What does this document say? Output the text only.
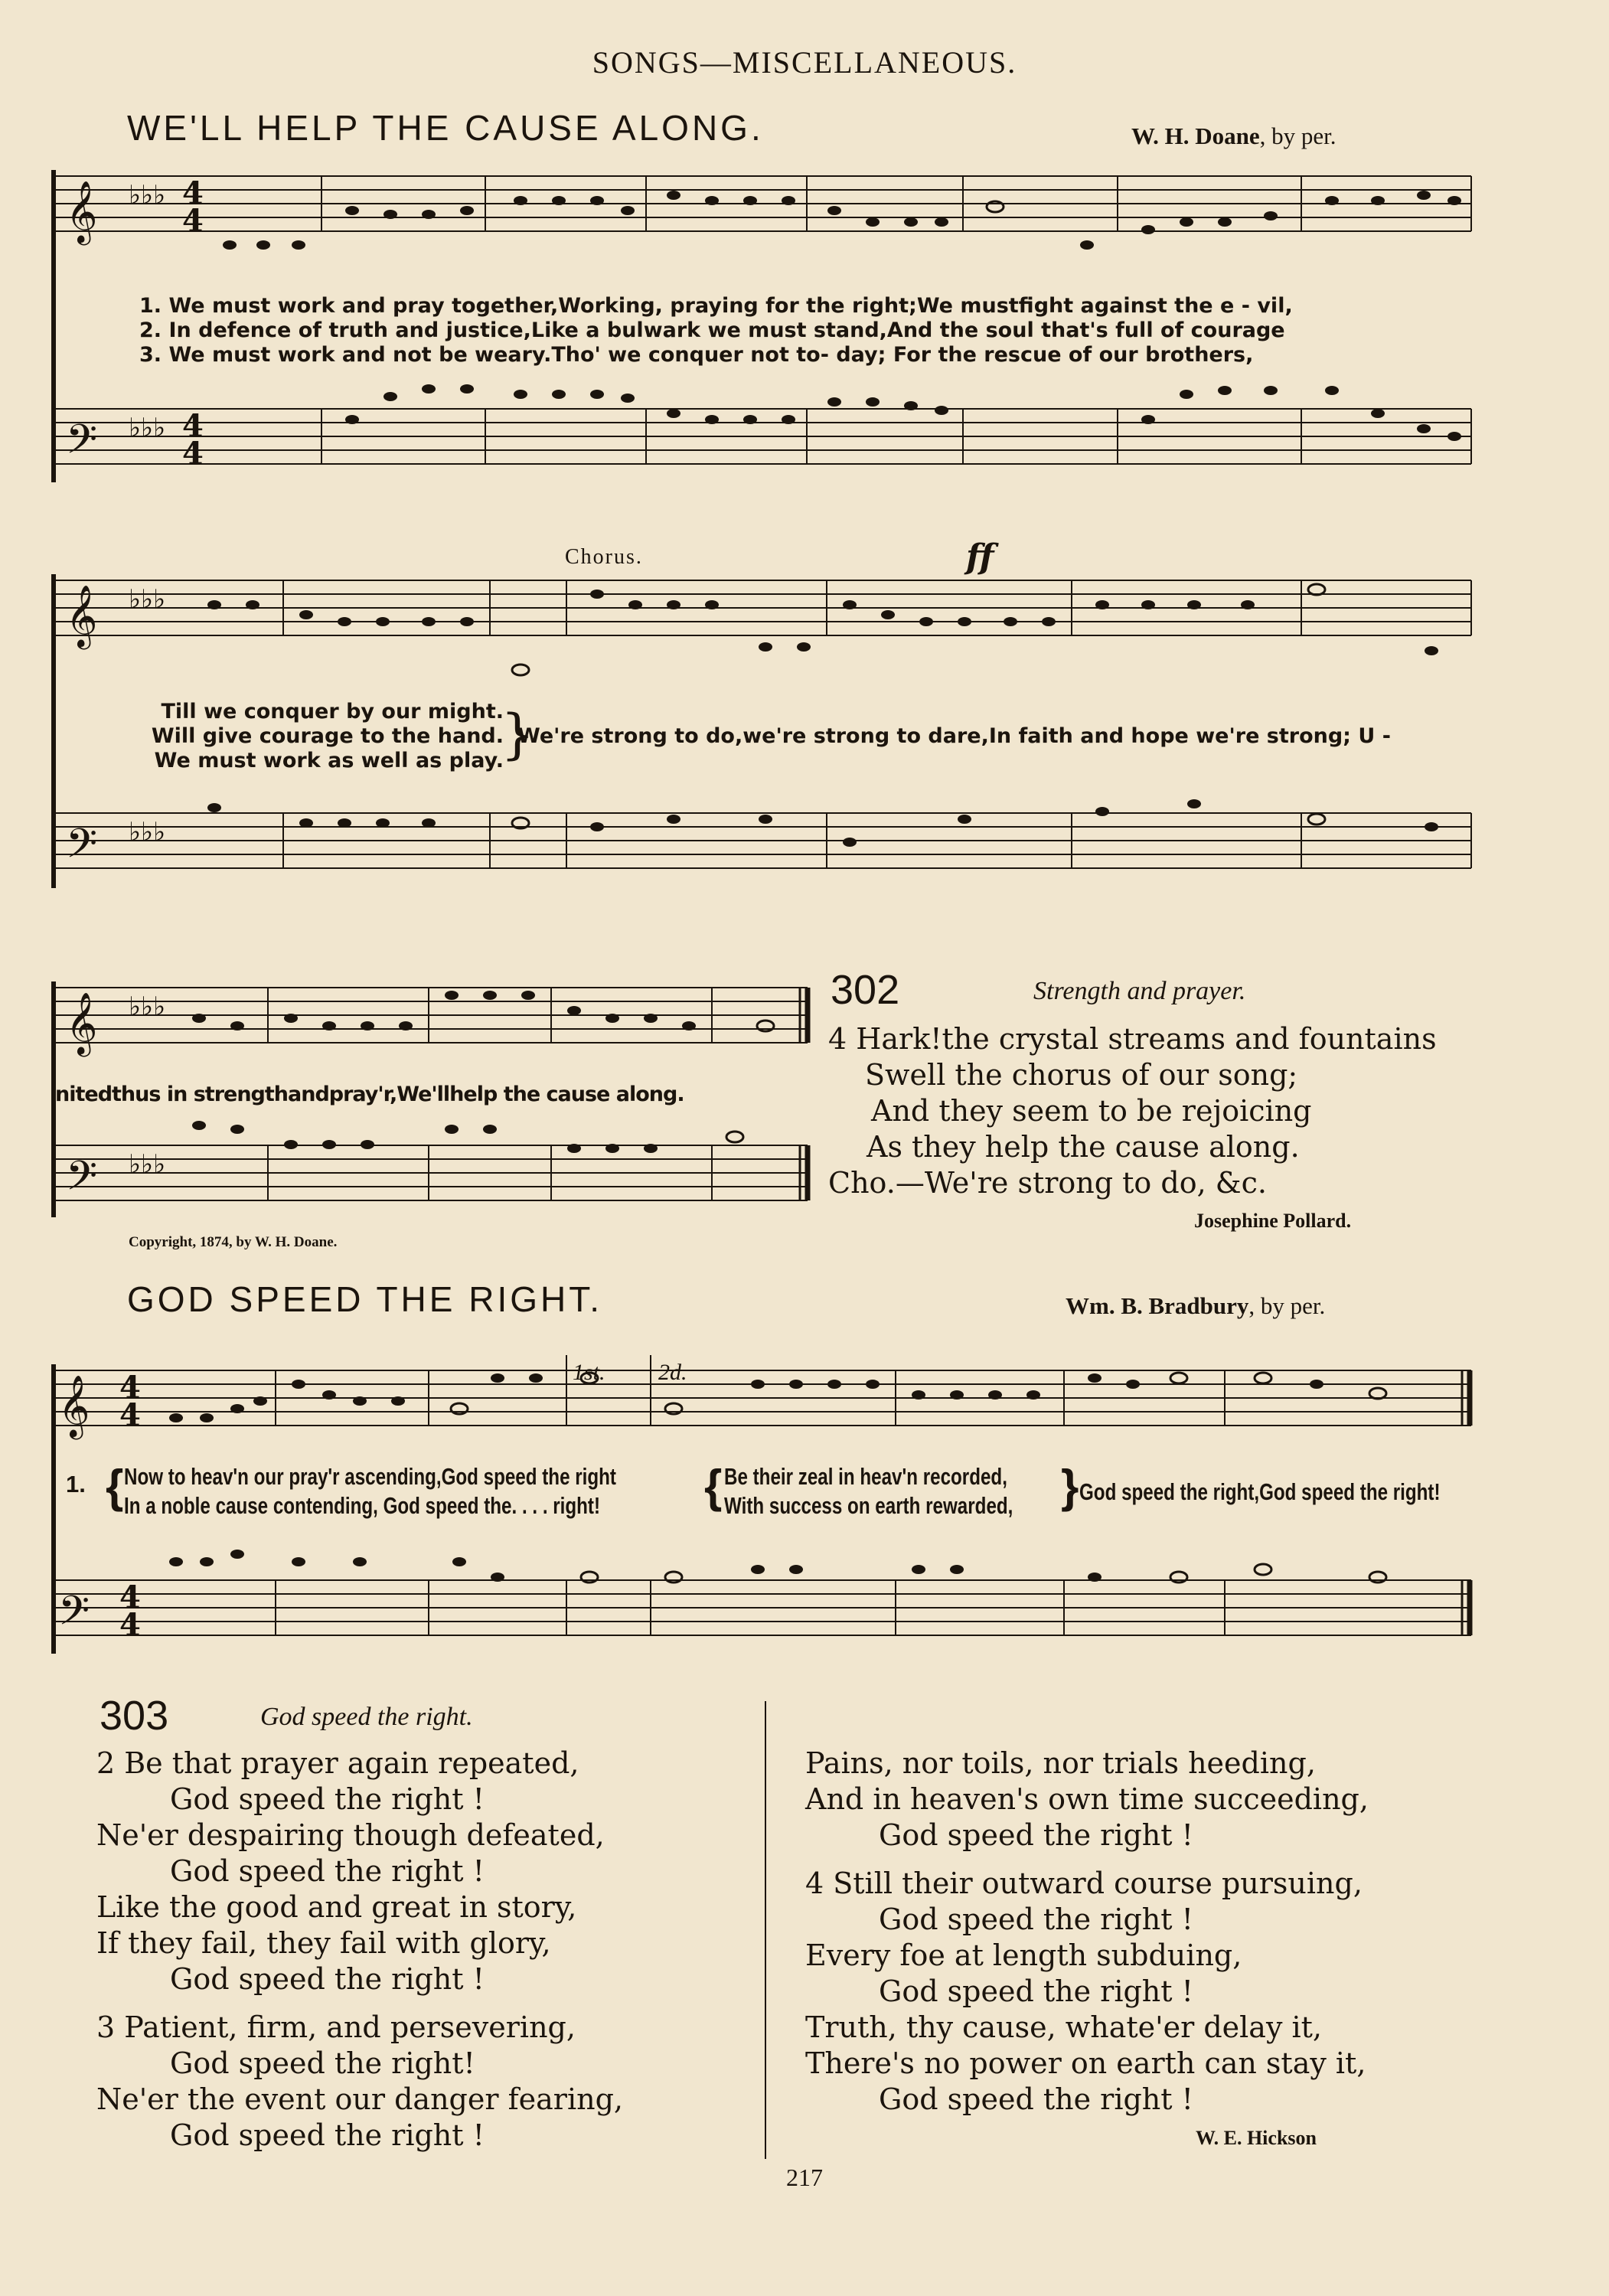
SONGS—MISCELLANEOUS.
WE'LL HELP THE CAUSE ALONG.	W. H. Doane, by per.
𝄞
𝄢
♭♭♭
♭♭♭
4
4
4
4
𝄞
𝄢
♭♭♭
♭♭♭
𝄞
𝄢
♭♭♭
♭♭♭
𝄞
𝄢
4
4
4
4
1. We must work and pray together,Working, praying for the right;We mustfight against the e - vil,
2. In defence of truth and justice,Like a bulwark we must stand,And the soul that's full of courage
3. We must work and not be weary.Tho' we conquer not to- day; For the rescue of our brothers,
Chorus.	ff
Till we conquer by our might.
Will give courage to the hand.
We must work as well as play.
}
We're strong to do,we're strong to dare,In faith and hope we're strong; U -
nitedthus in strengthandpray'r,We'llhelp the cause along.
Copyright, 1874, by W. H. Doane.
302	Strength and prayer.
4 Hark!the crystal streams and fountains
Swell the chorus of our song;
And they seem to be rejoicing
As they help the cause along.
Cho.—We're strong to do, &c.
Josephine Pollard.
GOD SPEED THE RIGHT.	Wm. B. Bradbury, by per.
1st. 2d.
1. { Now to heav'n our pray'r ascending,God speed the right
In a noble cause contending, God speed the. . . . right!	{ Be their zeal in heav'n recorded,
With success on earth rewarded, } God speed the right,God speed the right!
303	God speed the right.
2 Be that prayer again repeated,
God speed the right !
Ne'er despairing though defeated,
God speed the right !
Like the good and great in story,
If they fail, they fail with glory,
God speed the right !
3 Patient, firm, and persevering,
God speed the right!
Ne'er the event our danger fearing,
God speed the right !
Pains, nor toils, nor trials heeding,
And in heaven's own time succeeding,
God speed the right !
4 Still their outward course pursuing,
God speed the right !
Every foe at length subduing,
God speed the right !
Truth, thy cause, whate'er delay it,
There's no power on earth can stay it,
God speed the right !
W. E. Hickson
217
